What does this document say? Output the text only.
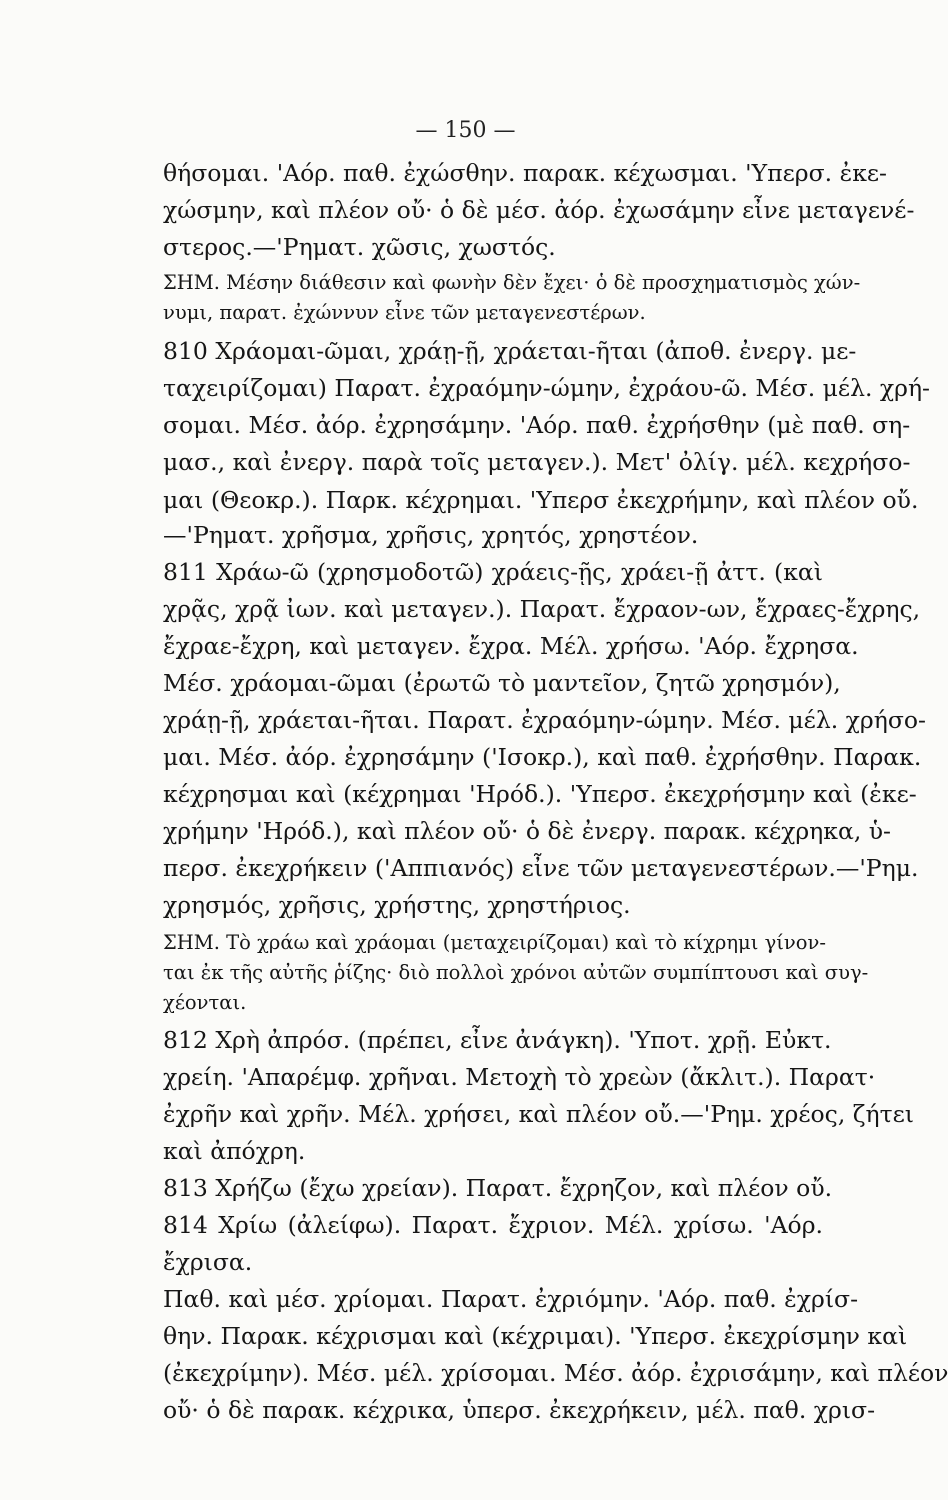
— 150 —
θήσομαι. 'Αόρ. παθ. ἐχώσθην. παρακ. κέχωσμαι. 'Υπερσ. ἐκε-
χώσμην, καὶ πλέον οὔ· ὁ δὲ μέσ. ἀόρ. ἐχωσάμην εἶνε μεταγενέ-
στερος.—'Ρηματ. χῶσις, χωστός.
ΣΗΜ. Μέσην διάθεσιν καὶ φωνὴν δὲν ἔχει· ὁ δὲ προσχηματισμὸς χών-
νυμι, παρατ. ἐχώννυν εἶνε τῶν μεταγενεστέρων.
810 Χράομαι-ῶμαι, χράῃ-ῇ, χράεται-ῆται (ἀποθ. ἐνεργ. με-
ταχειρίζομαι) Παρατ. ἐχραόμην-ώμην, ἐχράου-ῶ. Μέσ. μέλ. χρή-
σομαι. Μέσ. ἀόρ. ἐχρησάμην. 'Αόρ. παθ. ἐχρήσθην (μὲ παθ. ση-
μασ., καὶ ἐνεργ. παρὰ τοῖς μεταγεν.). Μετ' ὀλίγ. μέλ. κεχρήσο-
μαι (Θεοκρ.). Παρκ. κέχρημαι. 'Υπερσ ἐκεχρήμην, καὶ πλέον οὔ.
—'Ρηματ. χρῆσμα, χρῆσις, χρητός, χρηστέον.
811 Χράω-ῶ (χρησμοδοτῶ) χράεις-ῇς, χράει-ῇ ἀττ. (καὶ
χρᾷς, χρᾷ ἰων. καὶ μεταγεν.). Παρατ. ἔχραον-ων, ἔχραες-ἔχρης,
ἔχραε-ἔχρη, καὶ μεταγεν. ἔχρα. Μέλ. χρήσω. 'Αόρ. ἔχρησα.
Μέσ. χράομαι-ῶμαι (ἐρωτῶ τὸ μαντεῖον, ζητῶ χρησμόν),
χράῃ-ῇ, χράεται-ῆται. Παρατ. ἐχραόμην-ώμην. Μέσ. μέλ. χρήσο-
μαι. Μέσ. ἀόρ. ἐχρησάμην ('Ισοκρ.), καὶ παθ. ἐχρήσθην. Παρακ.
κέχρησμαι καὶ (κέχρημαι 'Ηρόδ.). 'Υπερσ. ἐκεχρήσμην καὶ (ἐκε-
χρήμην 'Ηρόδ.), καὶ πλέον οὔ· ὁ δὲ ἐνεργ. παρακ. κέχρηκα, ὑ-
περσ. ἐκεχρήκειν ('Αππιανός) εἶνε τῶν μεταγενεστέρων.—'Ρημ.
χρησμός, χρῆσις, χρήστης, χρηστήριος.
ΣΗΜ. Τὸ χράω καὶ χράομαι (μεταχειρίζομαι) καὶ τὸ κίχρημι γίνον-
ται ἐκ τῆς αὐτῆς ῥίζης· διὸ πολλοὶ χρόνοι αὐτῶν συμπίπτουσι καὶ συγ-
χέονται.
812 Χρὴ ἀπρόσ. (πρέπει, εἶνε ἀνάγκη). 'Υποτ. χρῇ. Εὐκτ.
χρείη. 'Απαρέμφ. χρῆναι. Μετοχὴ τὸ χρεὼν (ἄκλιτ.). Παρατ·
ἐχρῆν καὶ χρῆν. Μέλ. χρήσει, καὶ πλέον οὔ.—'Ρημ. χρέος, ζήτει
καὶ ἀπόχρη.
813 Χρήζω (ἔχω χρείαν). Παρατ. ἔχρηζον, καὶ πλέον οὔ.
814 Χρίω (ἀλείφω). Παρατ. ἔχριον. Μέλ. χρίσω. 'Αόρ.
ἔχρισα.
Παθ. καὶ μέσ. χρίομαι. Παρατ. ἐχριόμην. 'Αόρ. παθ. ἐχρίσ-
θην. Παρακ. κέχρισμαι καὶ (κέχριμαι). 'Υπερσ. ἐκεχρίσμην καὶ
(ἐκεχρίμην). Μέσ. μέλ. χρίσομαι. Μέσ. ἀόρ. ἐχρισάμην, καὶ πλέον
οὔ· ὁ δὲ παρακ. κέχρικα, ὑπερσ. ἐκεχρήκειν, μέλ. παθ. χρισ-
